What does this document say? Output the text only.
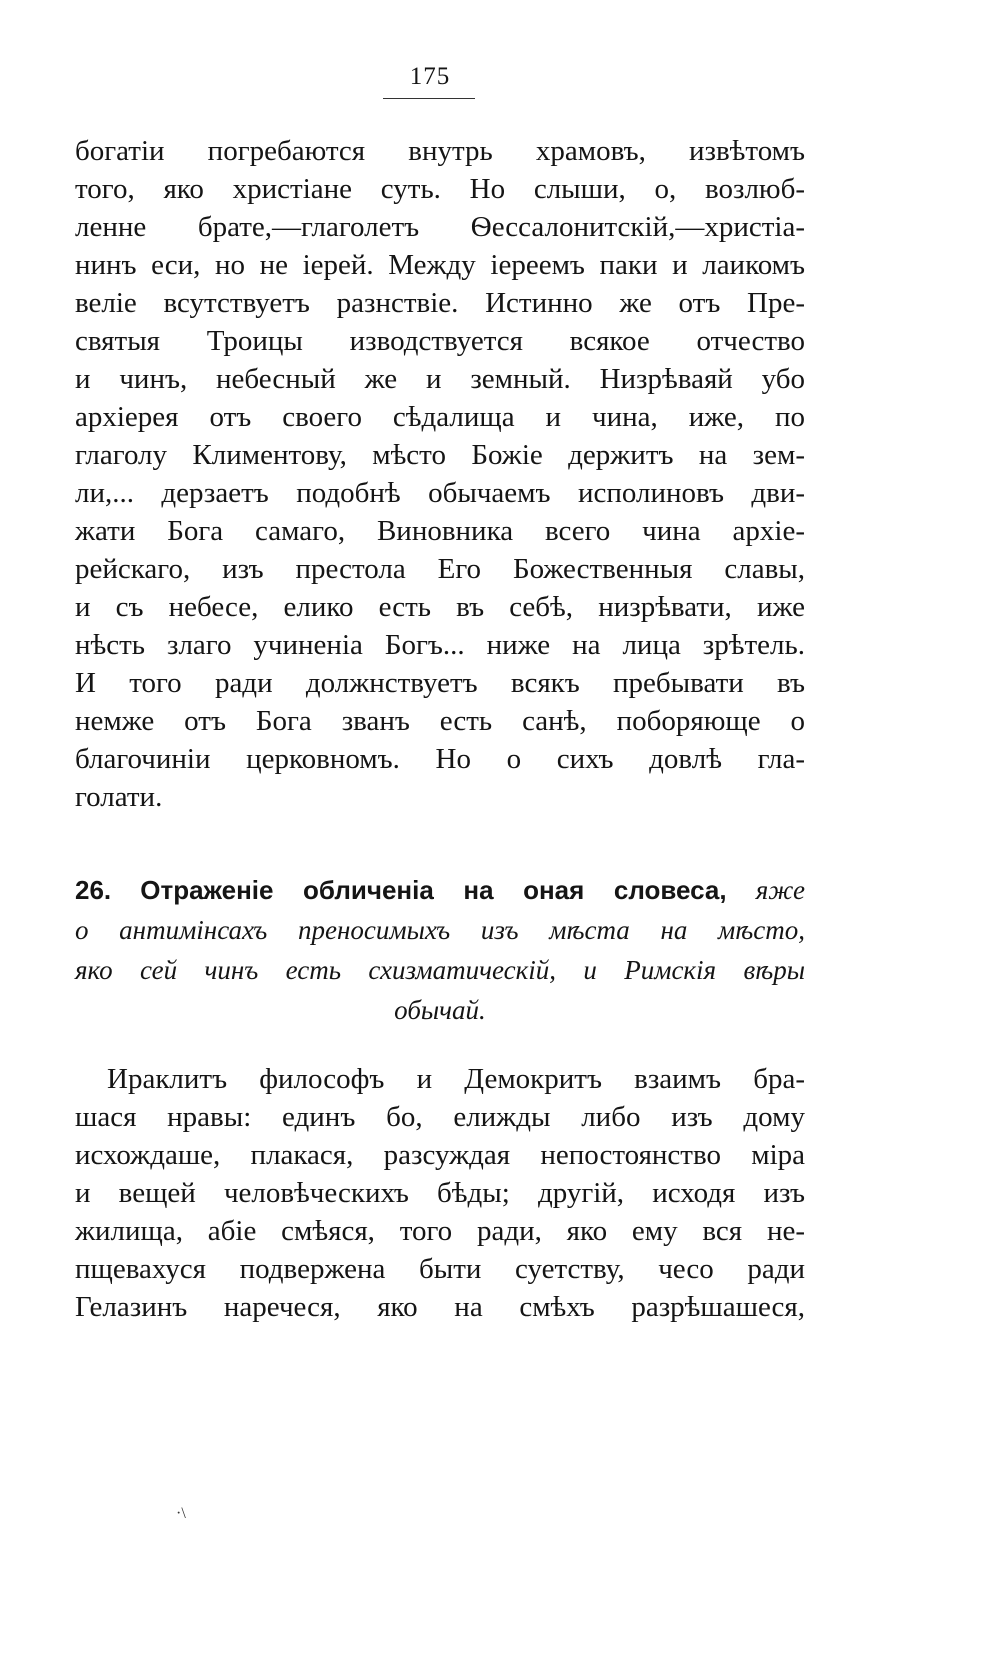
175
богатіи погребаются внутрь храмовъ, извѣтомъ
того, яко христіане суть. Но слыши, о, возлюб-
ленне брате,—глаголетъ Ѳессалонитскій,—христіа-
нинъ еси, но не іерей. Между іереемъ паки и лаикомъ
веліе всутствуетъ разнствіе. Истинно же отъ Пре-
святыя Троицы изводствуется всякое отчество
и чинъ, небесный же и земный. Низрѣваяй убо
архіерея отъ своего сѣдалища и чина, иже, по
глаголу Климентову, мѣсто Божіе держитъ на зем-
ли,... дерзаетъ подобнѣ обычаемъ исполиновъ дви-
жати Бога самаго, Виновника всего чина архіе-
рейскаго, изъ престола Его Божественныя славы,
и съ небесе, елико есть въ себѣ, низрѣвати, иже
нѣсть злаго учиненіа Богъ... ниже на лица зрѣтель.
И того ради должнствуетъ всякъ пребывати въ
немже отъ Бога званъ есть санѣ, поборяюще о
благочиніи церковномъ. Но о сихъ довлѣ гла-
голати.
26. Отраженіе обличеніа на оная словеса, яже
о антимінсахъ преносимыхъ изъ мѣста на мѣсто,
яко сей чинъ есть схизматическій, и Римскія вѣры
обычай.
Ираклитъ философъ и Демокритъ взаимъ бра-
шася нравы: единъ бо, елижды либо изъ дому
исхождаше, плакася, разсуждая непостоянство міра
и вещей человѣческихъ бѣды; другій, исходя изъ
жилища, абіе смѣяся, того ради, яко ему вся не-
пщевахуся подвержена быти суетству, чесо ради
Гелазинъ наречеся, яко на смѣхъ разрѣшашеся,
·\
